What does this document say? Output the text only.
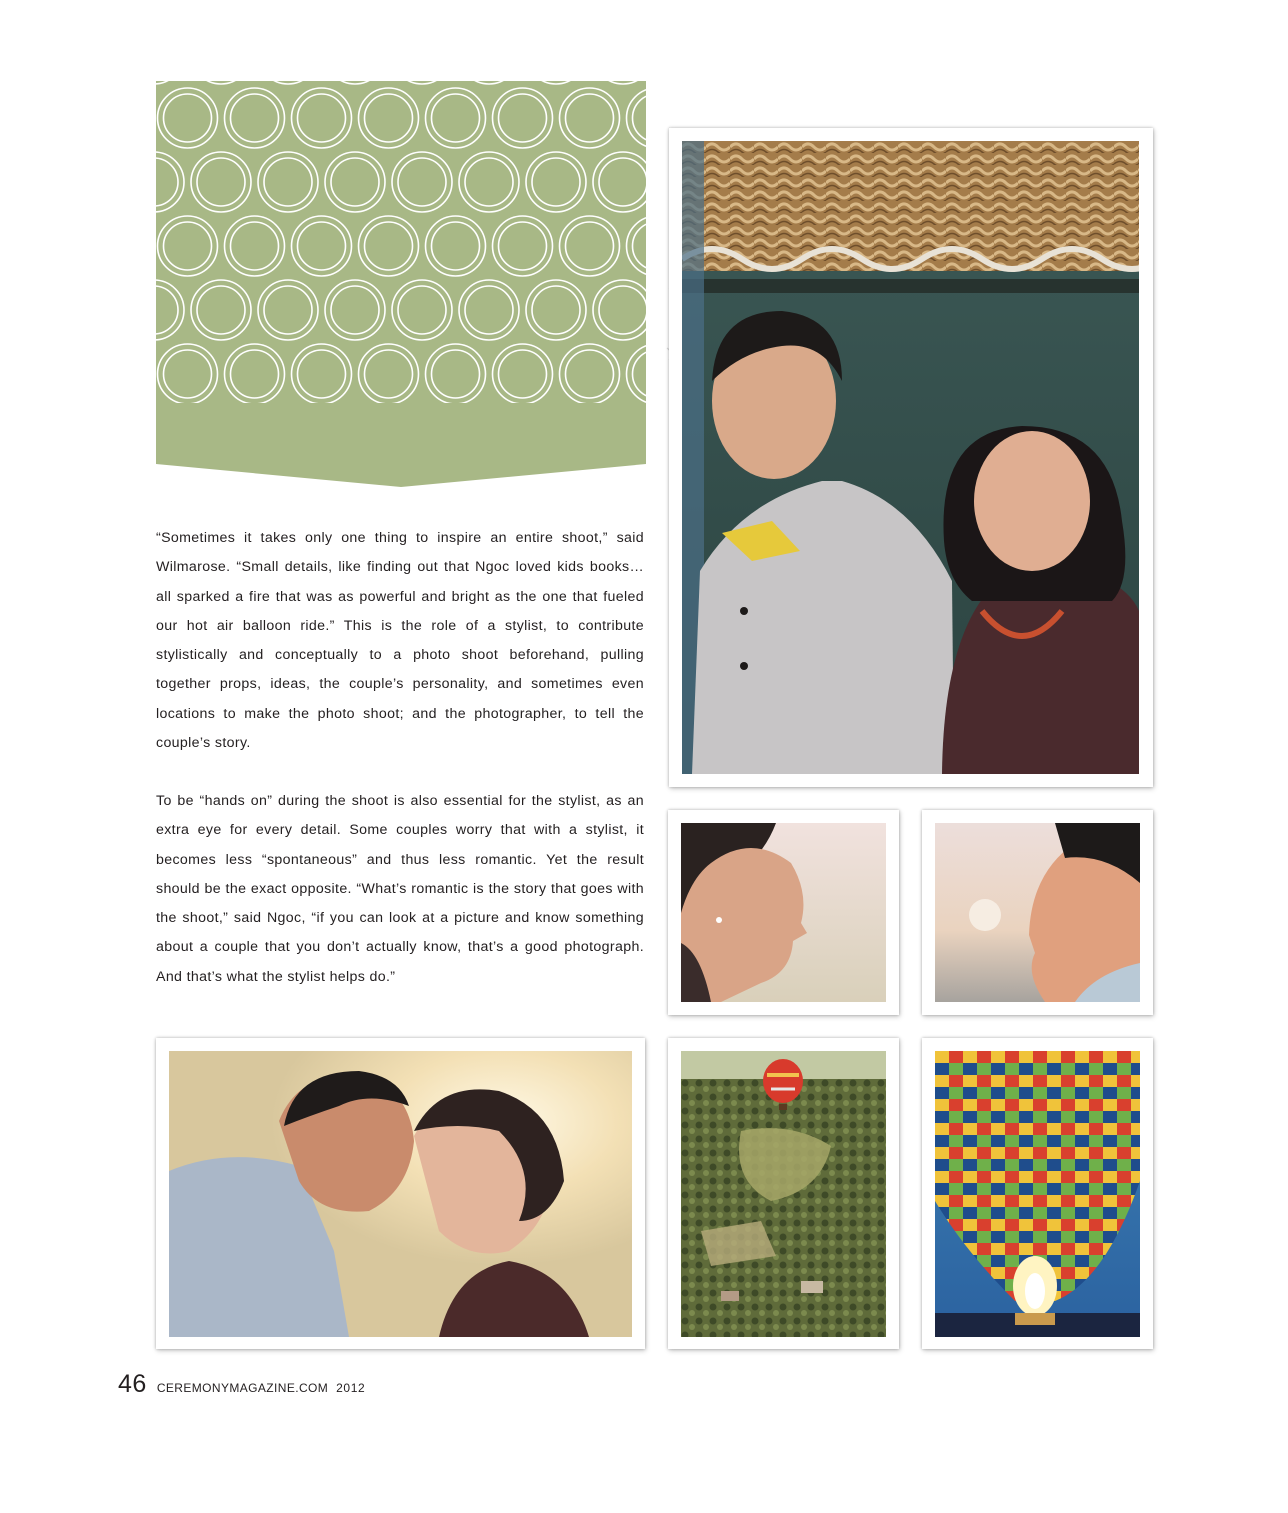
“Sometimes it takes only one thing to inspire an entire shoot,” said Wilmarose. “Small details, like finding out that Ngoc loved kids books… all sparked a fire that was as powerful and bright as the one that fueled our hot air balloon ride.” This is the role of a stylist, to contribute stylistically and conceptually to a photo shoot beforehand, pulling together props, ideas, the couple’s personality, and sometimes even locations to make the photo shoot; and the photographer, to tell the couple’s story.

To be “hands on” during the shoot is also essential for the stylist, as an extra eye for every detail. Some couples worry that with a stylist, it becomes less “spontaneous” and thus less romantic. Yet the result should be the exact opposite. “What’s romantic is the story that goes with the shoot,” said Ngoc, “if you can look at a picture and know something about a couple that you don’t actually know, that’s a good photograph. And that’s what the stylist helps do.”

46 CEREMONYMAGAZINE.COM 2012
